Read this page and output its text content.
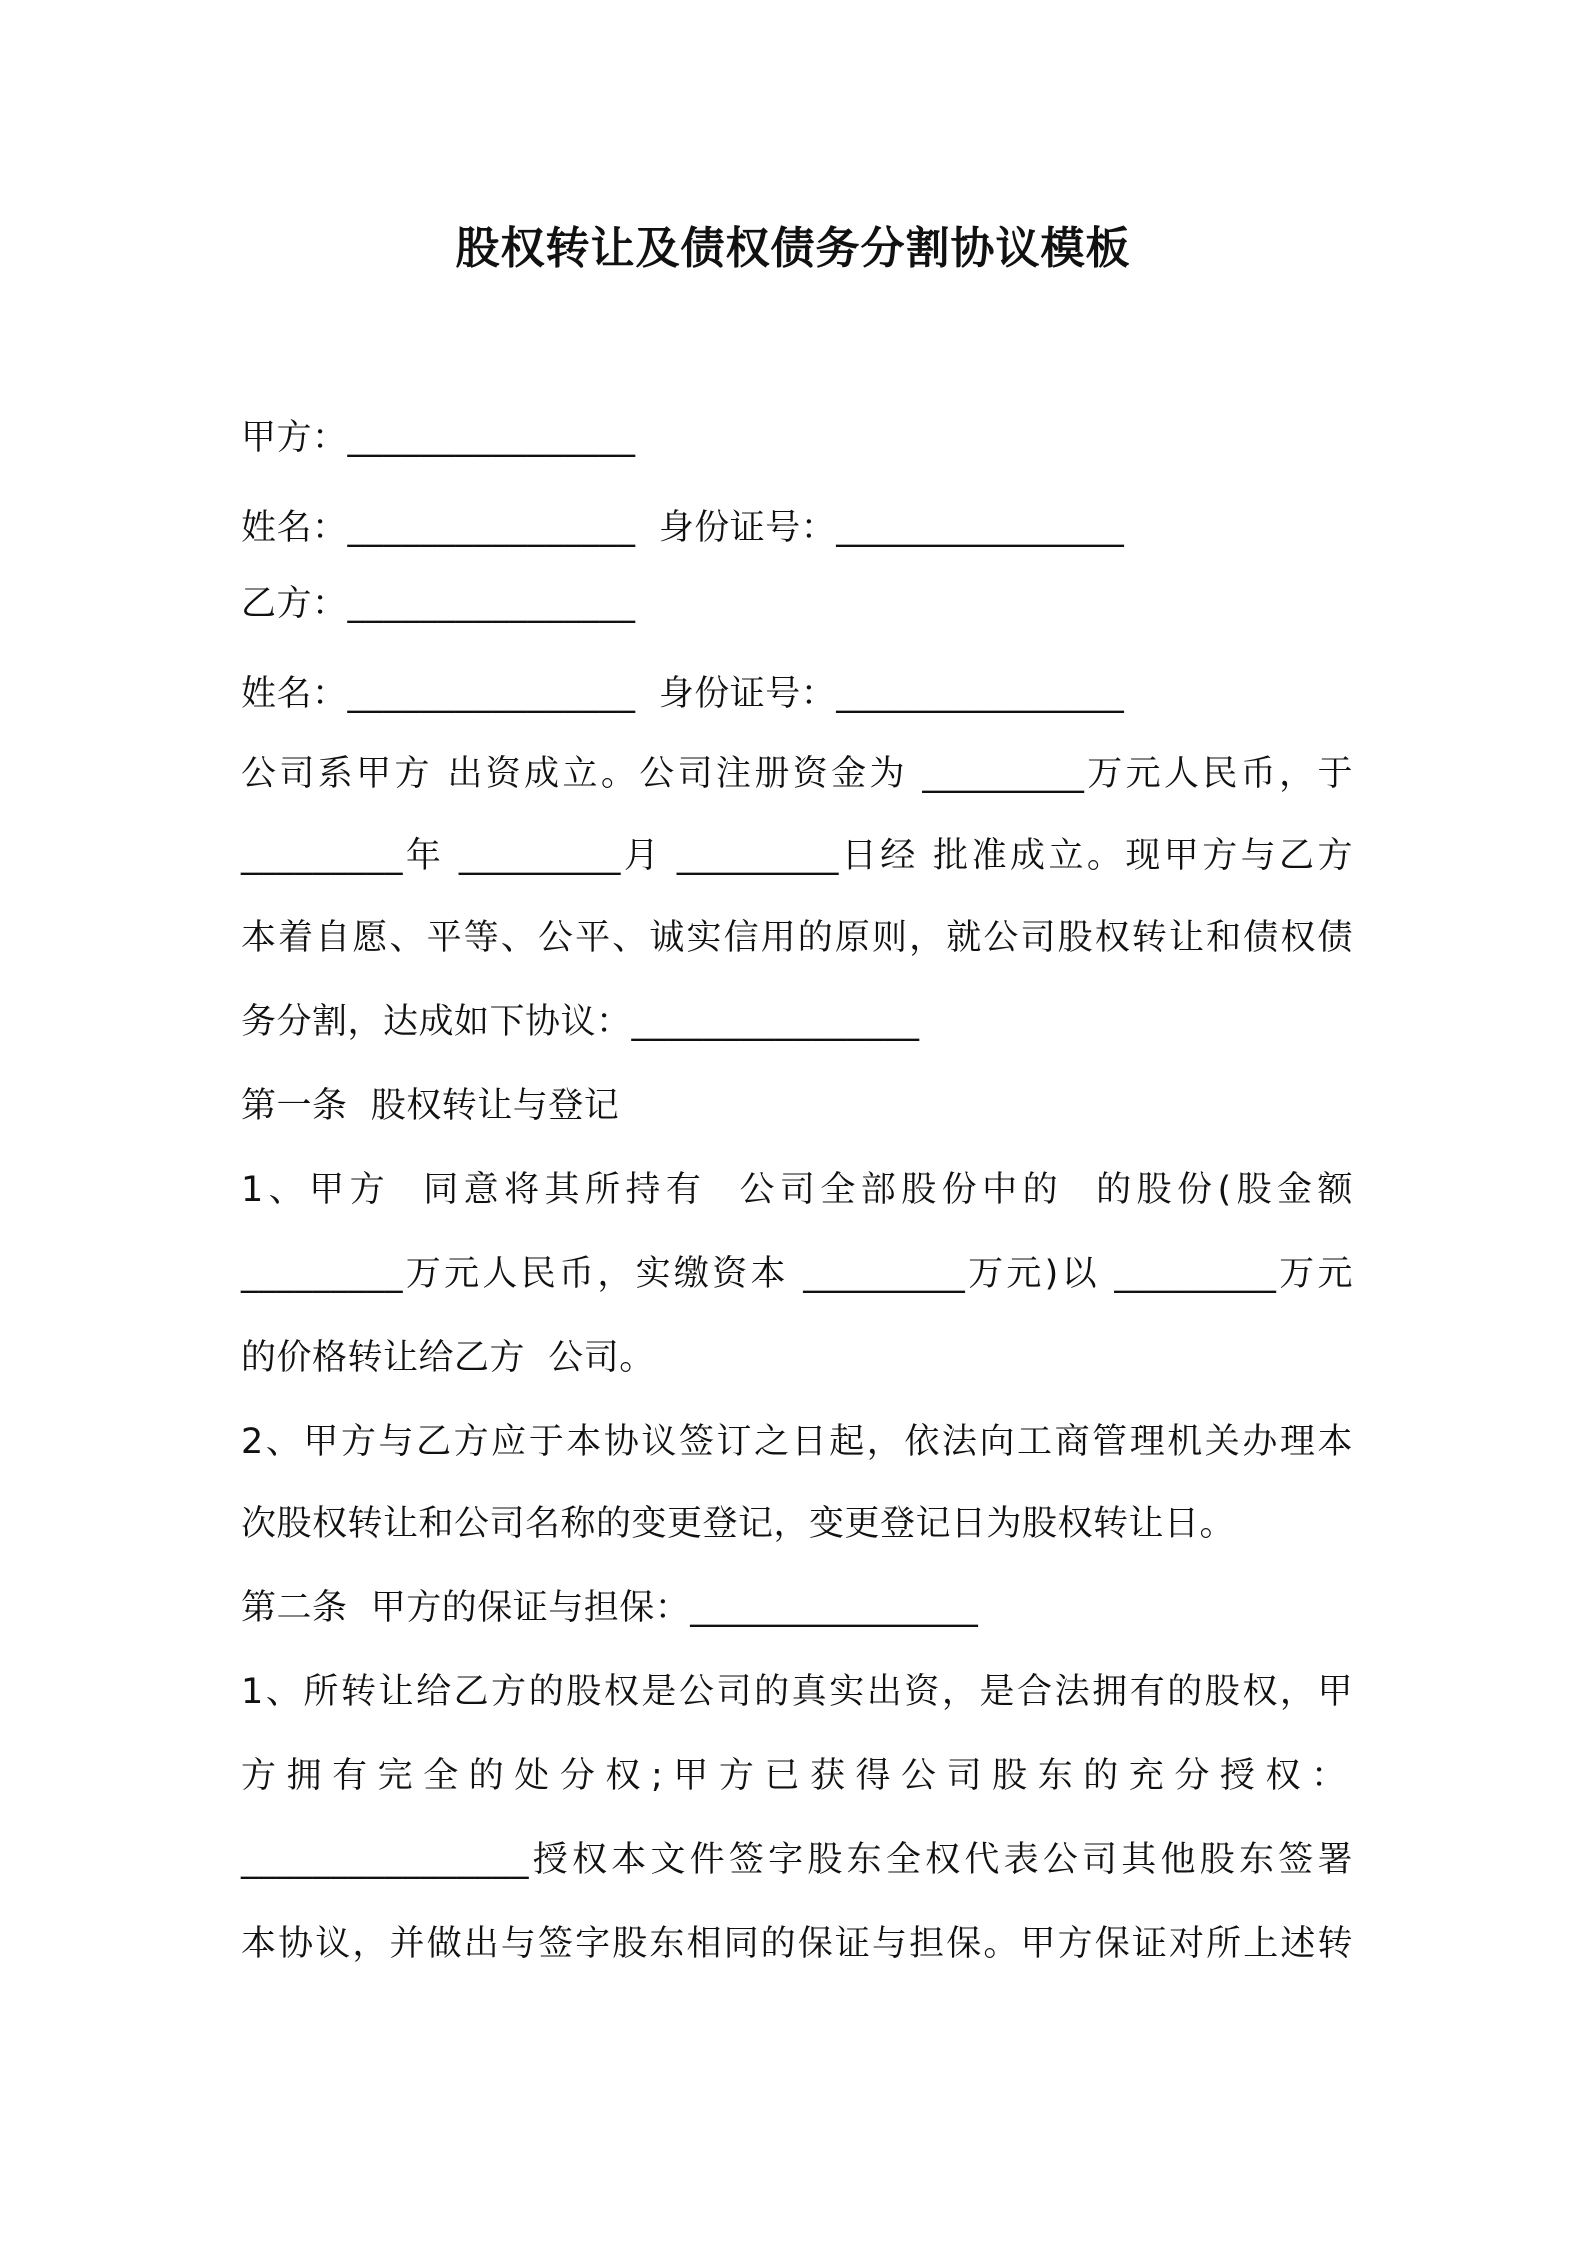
股权转让及债权债务分割协议模板
甲方：________________
姓名：________________  身份证号：________________
乙方：________________
姓名：________________  身份证号：________________
公司系甲方 出资成立。公司注册资金为 _________万元人民币，于
_________年 _________月 _________日经 批准成立。现甲方与乙方
本着自愿、平等、公平、诚实信用的原则，就公司股权转让和债权债
务分割，达成如下协议：________________
第一条  股权转让与登记
1、甲方  同意将其所持有  公司全部股份中的  的股份(股金额
_________万元人民币，实缴资本 _________万元)以 _________万元
的价格转让给乙方  公司。
2、甲方与乙方应于本协议签订之日起，依法向工商管理机关办理本
次股权转让和公司名称的变更登记，变更登记日为股权转让日。
第二条  甲方的保证与担保：________________
1、所转让给乙方的股权是公司的真实出资，是合法拥有的股权，甲
方拥有完全的处分权;甲方已获得公司股东的充分授权：
________________授权本文件签字股东全权代表公司其他股东签署
本协议，并做出与签字股东相同的保证与担保。甲方保证对所上述转
